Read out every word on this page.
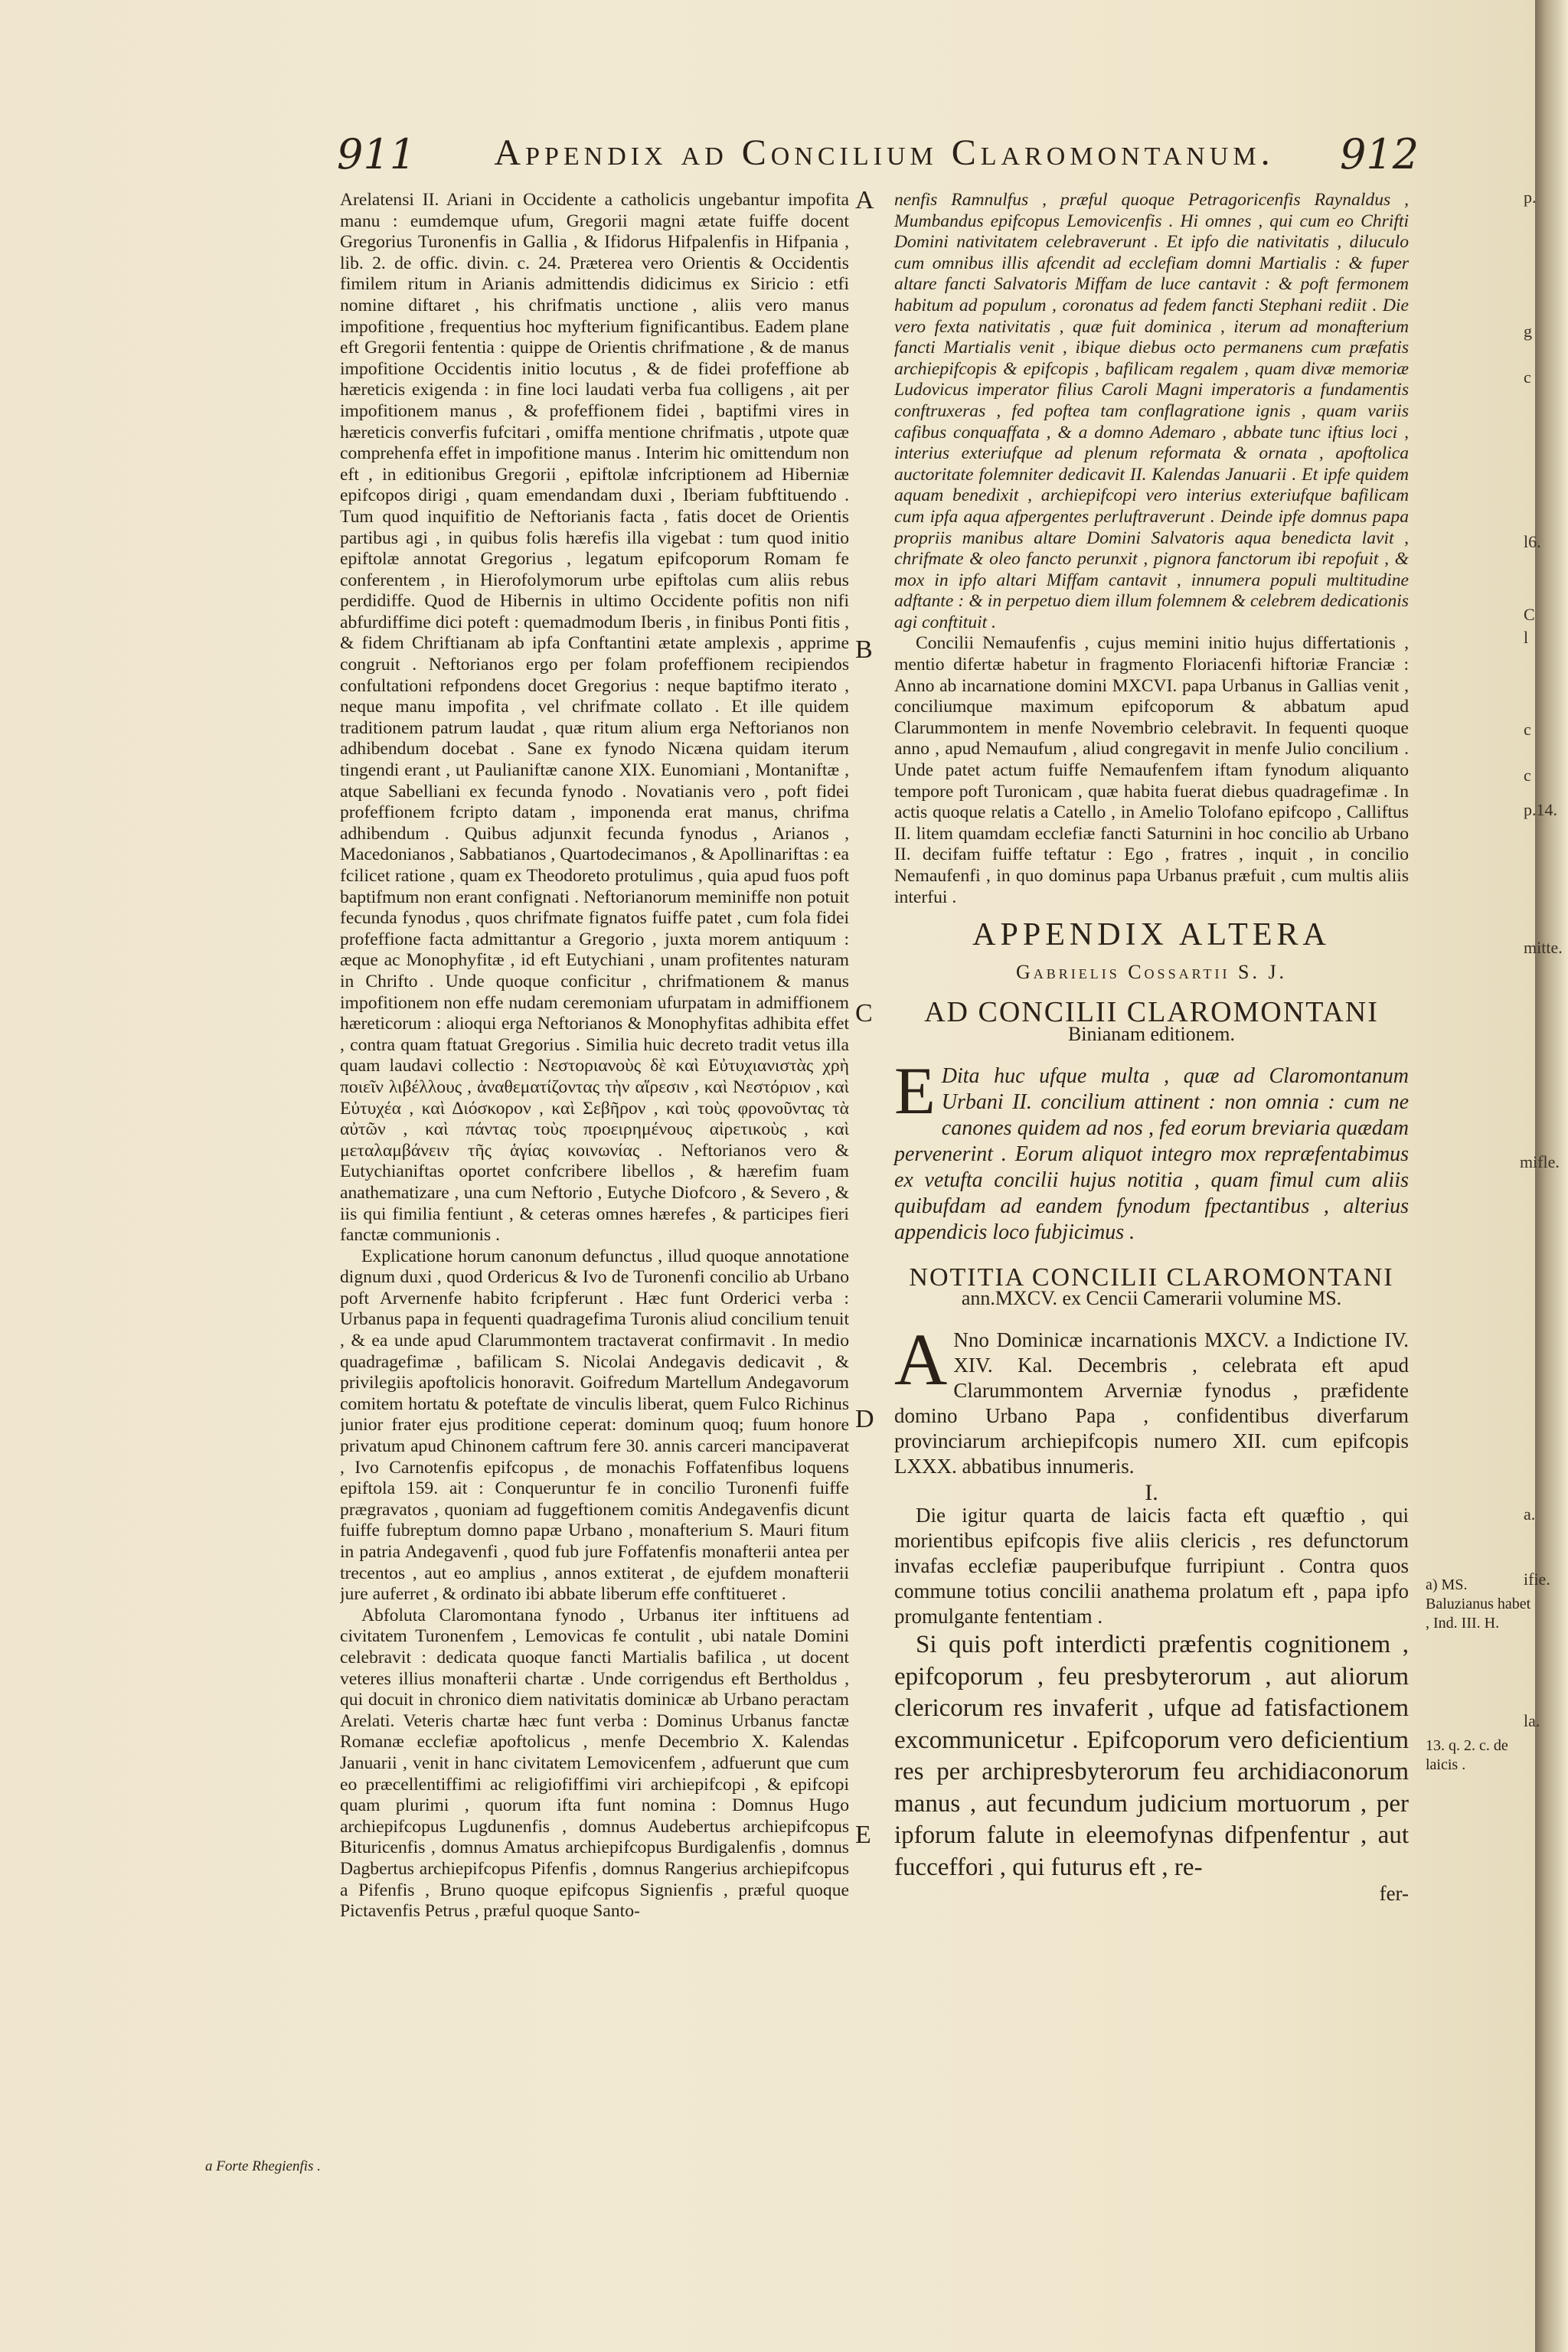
911	Appendix ad Concilium Claromontanum.	912
A
B
C
D
E

Arelatensi II. Ariani in Occidente a catholicis ungebantur impofita manu : eumdemque ufum, Gregorii magni ætate fuiffe docent Gregorius Turonenfis in Gallia , & Ifidorus Hifpalenfis in Hifpania , lib. 2. de offic. divin. c. 24. Præterea vero Orientis & Occidentis fimilem ritum in Arianis admittendis didicimus ex Siricio : etfi nomine diftaret , his chrifmatis unctione , aliis vero manus impofitione , frequentius hoc myfterium fignificantibus. Eadem plane eft Gregorii fententia : quippe de Orientis chrifmatione , & de manus impofitione Occidentis initio locutus , & de fidei profeffione ab hæreticis exigenda : in fine loci laudati verba fua colligens , ait per impofitionem manus , & profeffionem fidei , baptifmi vires in hæreticis converfis fufcitari , omiffa mentione chrifmatis , utpote quæ comprehenfa effet in impofitione manus . Interim hic omittendum non eft , in editionibus Gregorii , epiftolæ infcriptionem ad Hiberniæ epifcopos dirigi , quam emendandam duxi , Iberiam fubftituendo . Tum quod inquifitio de Neftorianis facta , fatis docet de Orientis partibus agi , in quibus folis hærefis illa vigebat : tum quod initio epiftolæ annotat Gregorius , legatum epifcoporum Romam fe conferentem , in Hierofolymorum urbe epiftolas cum aliis rebus perdidiffe. Quod de Hibernis in ultimo Occidente pofitis non nifi abfurdiffime dici poteft : quemadmodum Iberis , in finibus Ponti fitis , & fidem Chriftianam ab ipfa Conftantini ætate amplexis , apprime congruit . Neftorianos ergo per folam profeffionem recipiendos confultationi refpondens docet Gregorius : neque baptifmo iterato , neque manu impofita , vel chrifmate collato . Et ille quidem traditionem patrum laudat , quæ ritum alium erga Neftorianos non adhibendum docebat . Sane ex fynodo Nicæna quidam iterum tingendi erant , ut Paulianiftæ canone XIX. Eunomiani , Montaniftæ , atque Sabelliani ex fecunda fynodo . Novatianis vero , poft fidei profeffionem fcripto datam , imponenda erat manus, chrifma adhibendum . Quibus adjunxit fecunda fynodus , Arianos , Macedonianos , Sabbatianos , Quartodecimanos , & Apollinariftas : ea fcilicet ratione , quam ex Theodoreto protulimus , quia apud fuos poft baptifmum non erant confignati . Neftorianorum meminiffe non potuit fecunda fynodus , quos chrifmate fignatos fuiffe patet , cum fola fidei profeffione facta admittantur a Gregorio , juxta morem antiquum : æque ac Monophyfitæ , id eft Eutychiani , unam profitentes naturam in Chrifto . Unde quoque conficitur , chrifmationem & manus impofitionem non effe nudam ceremoniam ufurpatam in admiffionem hæreticorum : alioqui erga Neftorianos & Monophyfitas adhibita effet , contra quam ftatuat Gregorius . Similia huic decreto tradit vetus illa quam laudavi collectio : Νεστοριανοὺς δὲ καὶ Εὐτυχιανιστὰς χρὴ ποιεῖν λιβέλλους , ἀναθεματίζοντας τὴν αἵρεσιν , καὶ Νεστόριον , καὶ Εὐτυχέα , καὶ Διόσκορον , καὶ Σεβῆρον , καὶ τοὺς φρονοῦντας τὰ αὐτῶν , καὶ πάντας τοὺς προειρημένους αἱρετικοὺς , καὶ μεταλαμβάνειν τῆς ἁγίας κοινωνίας . Neftorianos vero & Eutychianiftas oportet confcribere libellos , & hærefim fuam anathematizare , una cum Neftorio , Eutyche Diofcoro , & Severo , & iis qui fimilia fentiunt , & ceteras omnes hærefes , & participes fieri fanctæ communionis .

Explicatione horum canonum defunctus , illud quoque annotatione dignum duxi , quod Ordericus & Ivo de Turonenfi concilio ab Urbano poft Arvernenfe habito fcripferunt . Hæc funt Orderici verba : Urbanus papa in fequenti quadragefima Turonis aliud concilium tenuit , & ea unde apud Clarummontem tractaverat confirmavit . In medio quadragefimæ , bafilicam S. Nicolai Andegavis dedicavit , & privilegiis apoftolicis honoravit. Goifredum Martellum Andegavorum comitem hortatu & poteftate de vinculis liberat, quem Fulco Richinus junior frater ejus proditione ceperat: dominum quoq; fuum honore privatum apud Chinonem caftrum fere 30. annis carceri mancipaverat , Ivo Carnotenfis epifcopus , de monachis Foffatenfibus loquens epiftola 159. ait : Conqueruntur fe in concilio Turonenfi fuiffe prægravatos , quoniam ad fuggeftionem comitis Andegavenfis dicunt fuiffe fubreptum domno papæ Urbano , monafterium S. Mauri fitum in patria Andegavenfi , quod fub jure Foffatenfis monafterii antea per trecentos , aut eo amplius , annos extiterat , de ejufdem monafterii jure auferret , & ordinato ibi abbate liberum effe conftitueret .

Abfoluta Claromontana fynodo , Urbanus iter inftituens ad civitatem Turonenfem , Lemovicas fe contulit , ubi natale Domini celebravit : dedicata quoque fancti Martialis bafilica , ut docent veteres illius monafterii chartæ . Unde corrigendus eft Bertholdus , qui docuit in chronico diem nativitatis dominicæ ab Urbano peractam Arelati. Veteris chartæ hæc funt verba : Dominus Urbanus fanctæ Romanæ ecclefiæ apoftolicus , menfe Decembrio X. Kalendas Januarii , venit in hanc civitatem Lemovicenfem , adfuerunt que cum eo præcellentiffimi ac religiofiffimi viri archiepifcopi , & epifcopi quam plurimi , quorum ifta funt nomina : Domnus Hugo archiepifcopus Lugdunenfis , domnus Audebertus archiepifcopus Bituricenfis , domnus Amatus archiepifcopus Burdigalenfis , domnus Dagbertus archiepifcopus Pifenfis , domnus Rangerius archiepifcopus a Pifenfis , Bruno quoque epifcopus Signienfis , præful quoque Pictavenfis Petrus , præful quoque Santo-

a Forte Rhegienfis .

nenfis Ramnulfus , præful quoque Petragoricenfis Raynaldus , Mumbandus epifcopus Lemovicenfis . Hi omnes , qui cum eo Chrifti Domini nativitatem celebraverunt . Et ipfo die nativitatis , diluculo cum omnibus illis afcendit ad ecclefiam domni Martialis : & fuper altare fancti Salvatoris Miffam de luce cantavit : & poft fermonem habitum ad populum , coronatus ad fedem fancti Stephani rediit . Die vero fexta nativitatis , quæ fuit dominica , iterum ad monafterium fancti Martialis venit , ibique diebus octo permanens cum præfatis archiepifcopis & epifcopis , bafilicam regalem , quam divæ memoriæ Ludovicus imperator filius Caroli Magni imperatoris a fundamentis conftruxeras , fed poftea tam conflagratione ignis , quam variis cafibus conquaffata , & a domno Ademaro , abbate tunc iftius loci , interius exteriufque ad plenum reformata & ornata , apoftolica auctoritate folemniter dedicavit II. Kalendas Januarii . Et ipfe quidem aquam benedixit , archiepifcopi vero interius exteriufque bafilicam cum ipfa aqua afpergentes perluftraverunt . Deinde ipfe domnus papa propriis manibus altare Domini Salvatoris aqua benedicta lavit , chrifmate & oleo fancto perunxit , pignora fanctorum ibi repofuit , & mox in ipfo altari Miffam cantavit , innumera populi multitudine adftante : & in perpetuo diem illum folemnem & celebrem dedicationis agi conftituit .

Concilii Nemaufenfis , cujus memini initio hujus differtationis , mentio difertæ habetur in fragmento Floriacenfi hiftoriæ Franciæ : Anno ab incarnatione domini MXCVI. papa Urbanus in Gallias venit , conciliumque maximum epifcoporum & abbatum apud Clarummontem in menfe Novembrio celebravit. In fequenti quoque anno , apud Nemaufum , aliud congregavit in menfe Julio concilium . Unde patet actum fuiffe Nemaufenfem iftam fynodum aliquanto tempore poft Turonicam , quæ habita fuerat diebus quadragefimæ . In actis quoque relatis a Catello , in Amelio Tolofano epifcopo , Calliftus II. litem quamdam ecclefiæ fancti Saturnini in hoc concilio ab Urbano II. decifam fuiffe teftatur : Ego , fratres , inquit , in concilio Nemaufenfi , in quo dominus papa Urbanus præfuit , cum multis aliis interfui .

APPENDIX ALTERA

Gabrielis Cossartii S. J.

AD CONCILII CLAROMONTANI

Binianam editionem.

E Dita huc ufque multa , quæ ad Claromontanum Urbani II. concilium attinent : non omnia : cum ne canones quidem ad nos , fed eorum breviaria quædam pervenerint . Eorum aliquot integro mox repræfentabimus ex vetufta concilii hujus notitia , quam fimul cum aliis quibufdam ad eandem fynodum fpectantibus , alterius appendicis loco fubjicimus .

NOTITIA CONCILII CLAROMONTANI

ann.MXCV. ex Cencii Camerarii volumine MS.

A Nno Dominicæ incarnationis MXCV. a Indictione IV. XIV. Kal. Decembris , celebrata eft apud Clarummontem Arverniæ fynodus , præfidente domino Urbano Papa , confidentibus diverfarum provinciarum archiepifcopis numero XII. cum epifcopis LXXX. abbatibus innumeris.

I.

Die igitur quarta de laicis facta eft quæftio , qui morientibus epifcopis five aliis clericis , res defunctorum invafas ecclefiæ pauperibufque furripiunt . Contra quos commune totius concilii anathema prolatum eft , papa ipfo promulgante fententiam .

Si quis poft interdicti præfentis cognitionem , epifcoporum , feu presbyterorum , aut aliorum clericorum res invaferit , ufque ad fatisfactionem excommunicetur . Epifcoporum vero deficientium res per archipresbyterorum feu archidiaconorum manus , aut fecundum judicium mortuorum , per ipforum falute in eleemofynas difpenfentur , aut fucceffori , qui futurus eft , re-

fer-

a) MS. Baluzianus habet , Ind. III. H.
13. q. 2. c. de laicis .
p.
g
c
C
l
c
c
l6.
p.14.
mitte.
mifle.
a.
ifie.
la.
